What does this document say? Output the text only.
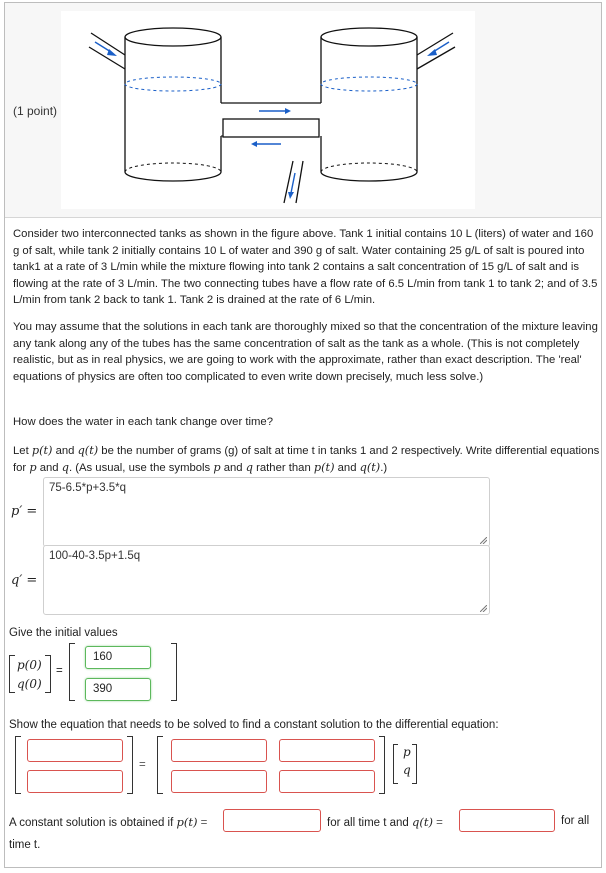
(1 point)

Consider two interconnected tanks as shown in the figure above. Tank 1 initial contains 10 L (liters) of water and 160 g of salt, while tank 2 initially contains 10 L of water and 390 g of salt. Water containing 25 g/L of salt is poured into tank1 at a rate of 3 L/min while the mixture flowing into tank 2 contains a salt concentration of 15 g/L of salt and is flowing at the rate of 3 L/min. The two connecting tubes have a flow rate of 6.5 L/min from tank 1 to tank 2; and of 3.5 L/min from tank 2 back to tank 1. Tank 2 is drained at the rate of 6 L/min.

You may assume that the solutions in each tank are thoroughly mixed so that the concentration of the mixture leaving any tank along any of the tubes has the same concentration of salt as the tank as a whole. (This is not completely realistic, but as in real physics, we are going to work with the approximate, rather than exact description. The 'real' equations of physics are often too complicated to even write down precisely, much less solve.)

How does the water in each tank change over time?

Let p(t) and q(t) be the number of grams (g) of salt at time t in tanks 1 and 2 respectively. Write differential equations for p and q. (As usual, use the symbols p and q rather than p(t) and q(t).)

p′ =
75-6.5*p+3.5*q
q′ =
100-40-3.5p+1.5q
Give the initial values
p(0)
q(0)
=
160
390
Show the equation that needs to be solved to find a constant solution to the differential equation:
=
p
q
A constant solution is obtained if p(t) =	for all time t and q(t) =	for all
time t.
